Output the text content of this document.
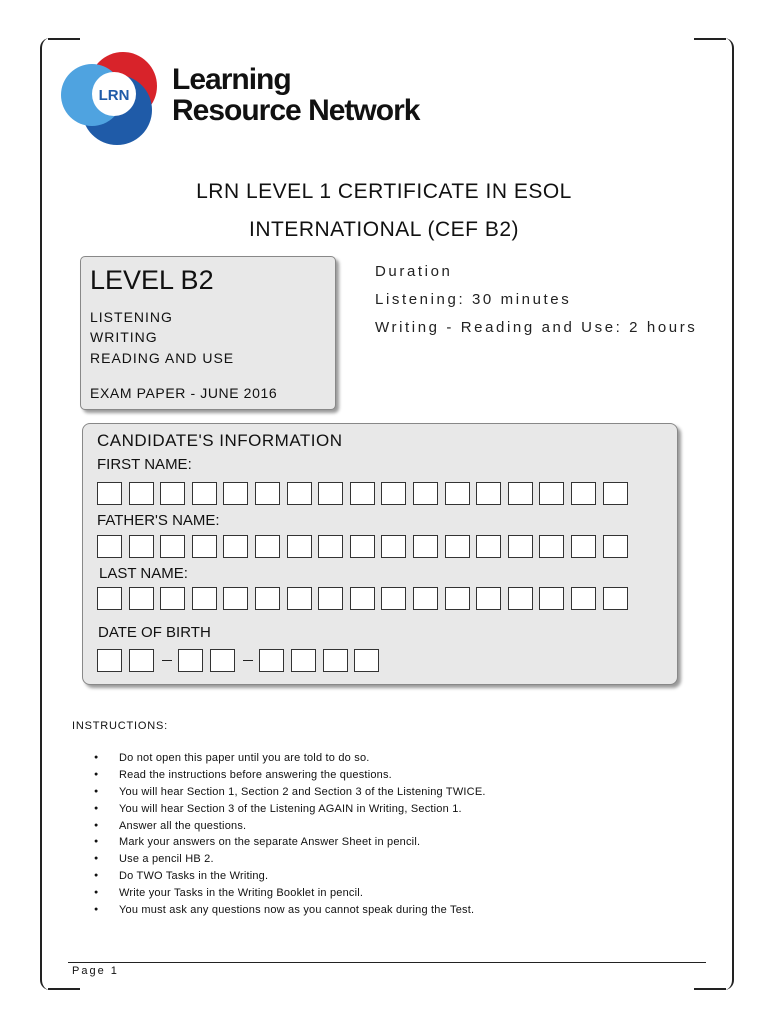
LRN Learning
Resource Network
LRN LEVEL 1 CERTIFICATE IN ESOL
INTERNATIONAL (CEF B2)
LEVEL B2
LISTENING
WRITING
READING AND USE
EXAM PAPER - JUNE 2016
Duration
Listening: 30 minutes
Writing - Reading and Use: 2 hours
CANDIDATE'S INFORMATION
FIRST NAME:
FATHER'S NAME:
LAST NAME:
DATE OF BIRTH
INSTRUCTIONS:
● Do not open this paper until you are told to do so.
● Read the instructions before answering the questions.
● You will hear Section 1, Section 2 and Section 3 of the Listening TWICE.
● You will hear Section 3 of the Listening AGAIN in Writing, Section 1.
● Answer all the questions.
● Mark your answers on the separate Answer Sheet in pencil.
● Use a pencil HB 2.
● Do TWO Tasks in the Writing.
● Write your Tasks in the Writing Booklet in pencil.
● You must ask any questions now as you cannot speak during the Test.
Page 1
